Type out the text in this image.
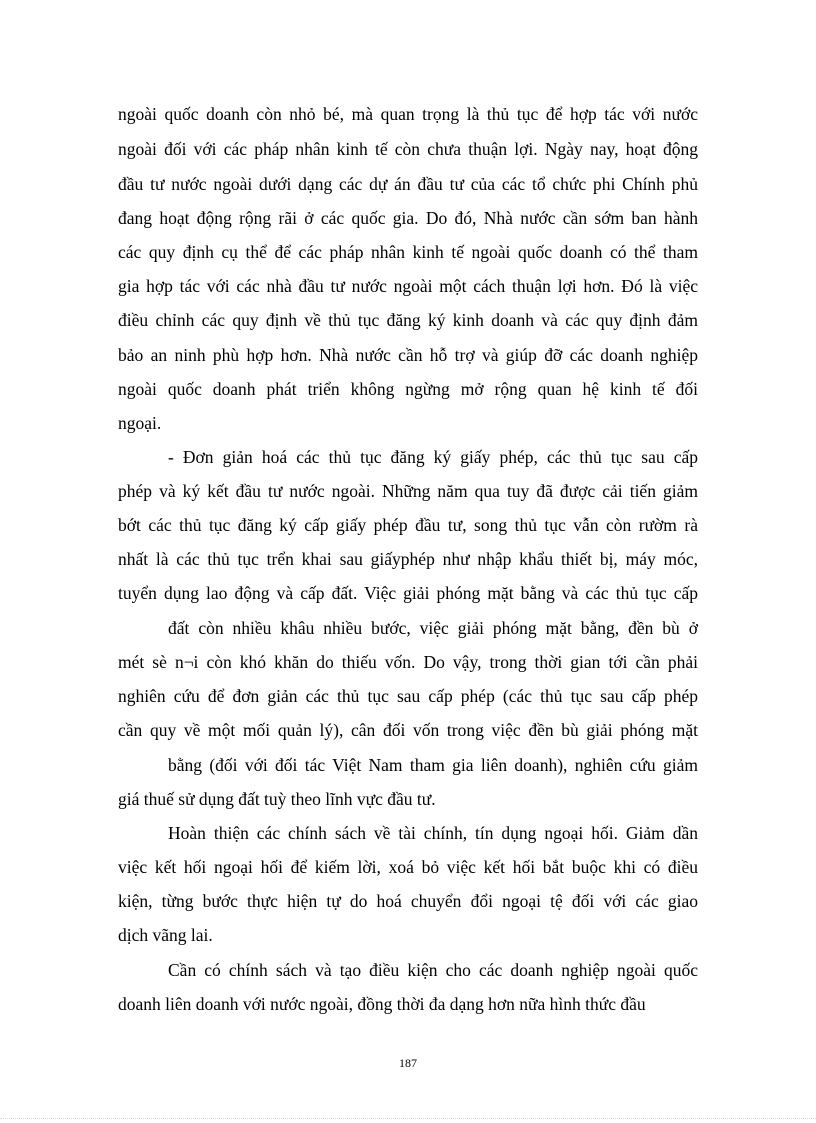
ngoài quốc doanh còn nhỏ bé, mà quan trọng là thủ tục để hợp tác với nước
ngoài đối với các pháp nhân kinh tế còn chưa thuận lợi. Ngày nay, hoạt động
đầu tư nước ngoài dưới dạng các dự án đầu tư của các tổ chức phi Chính phủ
đang hoạt động rộng rãi ở các quốc gia. Do đó, Nhà nước cần sớm ban hành
các quy định cụ thể để các pháp nhân kinh tế ngoài quốc doanh có thể tham
gia hợp tác với các nhà đầu tư nước ngoài một cách thuận lợi hơn. Đó là việc
điều chỉnh các quy định về thủ tục đăng ký kinh doanh và các quy định đảm
bảo an ninh phù hợp hơn. Nhà nước cần hỗ trợ và giúp đỡ các doanh nghiệp
ngoài quốc doanh phát triển không ngừng mở rộng quan hệ kinh tế đối
ngoại.
- Đơn giản hoá các thủ tục đăng ký giấy phép, các thủ tục sau cấp
phép và ký kết đầu tư nước ngoài. Những năm qua tuy đã được cải tiến giảm
bớt các thủ tục đăng ký cấp giấy phép đầu tư, song thủ tục vẫn còn rườm rà
nhất là các thủ tục trển khai sau giấyphép như nhập khẩu thiết bị, máy móc,
tuyển dụng lao động và cấp đất. Việc giải phóng mặt bằng và các thủ tục cấp
đất còn nhiều khâu nhiều bước, việc giải phóng mặt bằng, đền bù ở
mét sè n¬i còn khó khăn do thiếu vốn. Do vậy, trong thời gian tới cần phải
nghiên cứu để đơn giản các thủ tục sau cấp phép (các thủ tục sau cấp phép
cần quy về một mối quản lý), cân đối vốn trong việc đền bù giải phóng mặt
bằng (đối với đối tác Việt Nam tham gia liên doanh), nghiên cứu giảm
giá thuế sử dụng đất tuỳ theo lĩnh vực đầu tư.
Hoàn thiện các chính sách về tài chính, tín dụng ngoại hối. Giảm dần
việc kết hối ngoại hối để kiếm lời, xoá bỏ việc kết hối bắt buộc khi có điều
kiện, từng bước thực hiện tự do hoá chuyển đổi ngoại tệ đối với các giao
dịch vãng lai.
Cần có chính sách và tạo điều kiện cho các doanh nghiệp ngoài quốc
doanh liên doanh với nước ngoài, đồng thời đa dạng hơn nữa hình thức đầu
187
